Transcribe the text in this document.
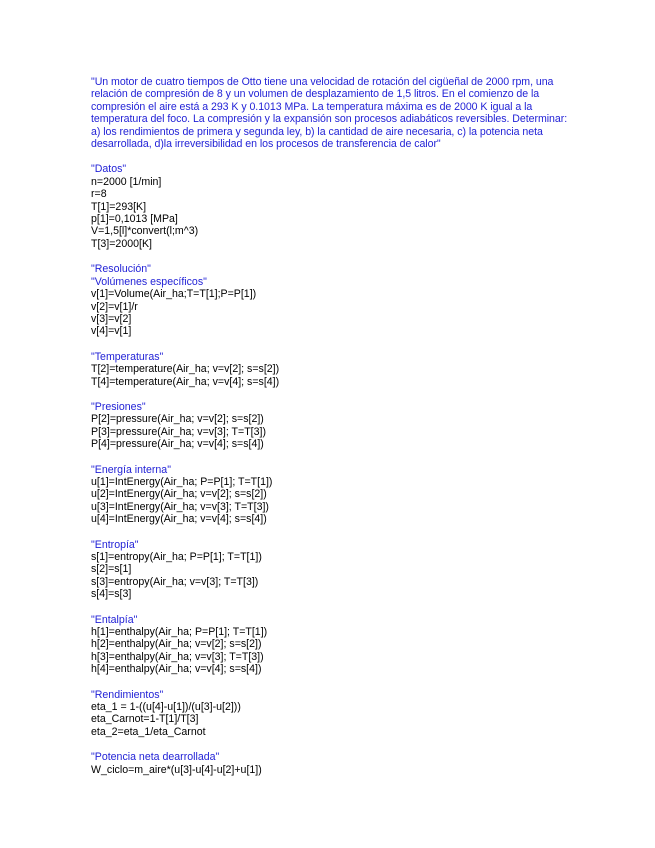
"Un motor de cuatro tiempos de Otto tiene una velocidad de rotación del cigüeñal de 2000 rpm, una relación de compresión de 8 y un volumen de desplazamiento de 1,5 litros. En el comienzo de la compresión el aire está a 293 K y 0.1013 MPa. La temperatura máxima es de 2000 K igual a la temperatura del foco. La compresión y la expansión son procesos adiabáticos reversibles. Determinar: a) los rendimientos de primera y segunda ley, b) la cantidad de aire necesaria, c) la potencia neta desarrollada, d)la irreversibilidad en los procesos de transferencia de calor"

"Datos"
n=2000 [1/min]
r=8
T[1]=293[K]
p[1]=0,1013 [MPa]
V=1,5[l]*convert(l;m^3)
T[3]=2000[K]
"Resolución"
"Volúmenes específicos"
v[1]=Volume(Air_ha;T=T[1];P=P[1])
v[2]=v[1]/r
v[3]=v[2]
v[4]=v[1]
"Temperaturas"
T[2]=temperature(Air_ha; v=v[2]; s=s[2])
T[4]=temperature(Air_ha; v=v[4]; s=s[4])
"Presiones"
P[2]=pressure(Air_ha; v=v[2]; s=s[2])
P[3]=pressure(Air_ha; v=v[3]; T=T[3])
P[4]=pressure(Air_ha; v=v[4]; s=s[4])
"Energía interna"
u[1]=IntEnergy(Air_ha; P=P[1]; T=T[1])
u[2]=IntEnergy(Air_ha; v=v[2]; s=s[2])
u[3]=IntEnergy(Air_ha; v=v[3]; T=T[3])
u[4]=IntEnergy(Air_ha; v=v[4]; s=s[4])
"Entropía"
s[1]=entropy(Air_ha; P=P[1]; T=T[1])
s[2]=s[1]
s[3]=entropy(Air_ha; v=v[3]; T=T[3])
s[4]=s[3]
"Entalpía"
h[1]=enthalpy(Air_ha; P=P[1]; T=T[1])
h[2]=enthalpy(Air_ha; v=v[2]; s=s[2])
h[3]=enthalpy(Air_ha; v=v[3]; T=T[3])
h[4]=enthalpy(Air_ha; v=v[4]; s=s[4])
"Rendimientos"
eta_1 = 1-((u[4]-u[1])/(u[3]-u[2]))
eta_Carnot=1-T[1]/T[3]
eta_2=eta_1/eta_Carnot
"Potencia neta dearrollada"
W_ciclo=m_aire*(u[3]-u[4]-u[2]+u[1])
